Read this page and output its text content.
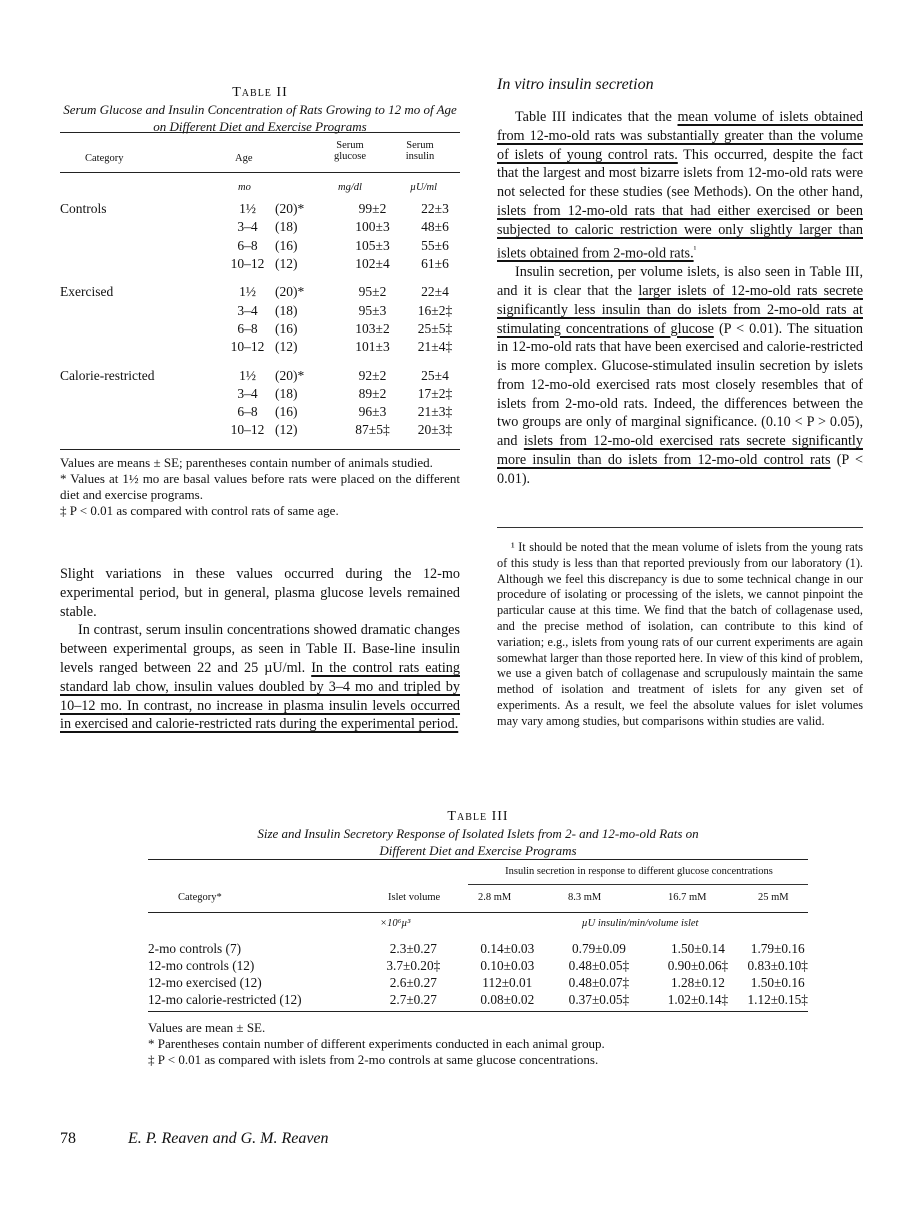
Table II
Serum Glucose and Insulin Concentration of Rats Growing to 12 mo of Age on Different Diet and Exercise Programs
Category	Age
Serum glucose
Serum insulin
mo	mg/dl	µU/ml
Controls	1½	(20)*	99±2	22±3
	3–4	(18)	100±3	48±6
	6–8	(16)	105±3	55±6
	10–12	(12)	102±4	61±6

Exercised	1½	(20)*	95±2	22±4
	3–4	(18)	95±3	16±2‡
	6–8	(16)	103±2	25±5‡
	10–12	(12)	101±3	21±4‡

Calorie-restricted	1½	(20)*	92±2	25±4
	3–4	(18)	89±2	17±2‡
	6–8	(16)	96±3	21±3‡
	10–12	(12)	87±5‡	20±3‡
Values are means ± SE; parentheses contain number of animals studied.
* Values at 1½ mo are basal values before rats were placed on the different diet and exercise programs.
‡ P < 0.01 as compared with control rats of same age.

Slight variations in these values occurred during the 12-mo experimental period, but in general, plasma glucose levels remained stable.

In contrast, serum insulin concentrations showed dramatic changes between experimental groups, as seen in Table II. Base-line insulin levels ranged between 22 and 25 µU/ml. In the control rats eating standard lab chow, insulin values doubled by 3–4 mo and tripled by 10–12 mo. In contrast, no increase in plasma insulin levels occurred in exercised and calorie-restricted rats during the experimental period.

In vitro insulin secretion

Table III indicates that the mean volume of islets obtained from 12-mo-old rats was substantially greater than the volume of islets of young control rats. This occurred, despite the fact that the largest and most bizarre islets from 12-mo-old rats were not selected for these studies (see Methods). On the other hand, islets from 12-mo-old rats that had either exercised or been subjected to caloric restriction were only slightly larger than islets obtained from 2-mo-old rats.$^{^1}$

Insulin secretion, per volume islets, is also seen in Table III, and it is clear that the larger islets of 12-mo-old rats secrete significantly less insulin than do islets from 2-mo-old rats at stimulating concentrations of glucose (P < 0.01). The situation in 12-mo-old rats that have been exercised and calorie-restricted is more complex. Glucose-stimulated insulin secretion by islets from 12-mo-old exercised rats most closely resembles that of islets from 2-mo-old rats. Indeed, the differences between the two groups are only of marginal significance. (0.10 < P > 0.05), and islets from 12-mo-old exercised rats secrete significantly more insulin than do islets from 12-mo-old control rats (P < 0.01).

¹ It should be noted that the mean volume of islets from the young rats of this study is less than that reported previously from our laboratory (1). Although we feel this discrepancy is due to some technical change in our procedure of isolating or processing of the islets, we cannot pinpoint the particular cause at this time. We find that the batch of collagenase used, and the precise method of isolation, can contribute to this kind of variation; e.g., islets from young rats of our current experiments are again somewhat larger than those reported here. In view of this kind of problem, we use a given batch of collagenase and scrupulously maintain the same method of isolation and treatment of islets for any given set of experiments. As a result, we feel the absolute values for islet volumes may vary among studies, but comparisons within studies are valid.
Table III
Size and Insulin Secretory Response of Isolated Islets from 2- and 12-mo-old Rats on
Different Diet and Exercise Programs
Insulin secretion in response to different glucose concentrations
Category*	Islet volume	2.8 mM	8.3 mM	16.7 mM	25 mM
×10⁶µ³	µU insulin/min/volume islet
2-mo controls (7)	2.3±0.27	0.14±0.03	0.79±0.09	1.50±0.14	1.79±0.16
12-mo controls (12)	3.7±0.20‡	0.10±0.03	0.48±0.05‡	0.90±0.06‡	0.83±0.10‡
12-mo exercised (12)	2.6±0.27	112±0.01	0.48±0.07‡	1.28±0.12	1.50±0.16
12-mo calorie-restricted (12)	2.7±0.27	0.08±0.02	0.37±0.05‡	1.02±0.14‡	1.12±0.15‡
Values are mean ± SE.
* Parentheses contain number of different experiments conducted in each animal group.
‡ P < 0.01 as compared with islets from 2-mo controls at same glucose concentrations.
78	E. P. Reaven and G. M. Reaven
